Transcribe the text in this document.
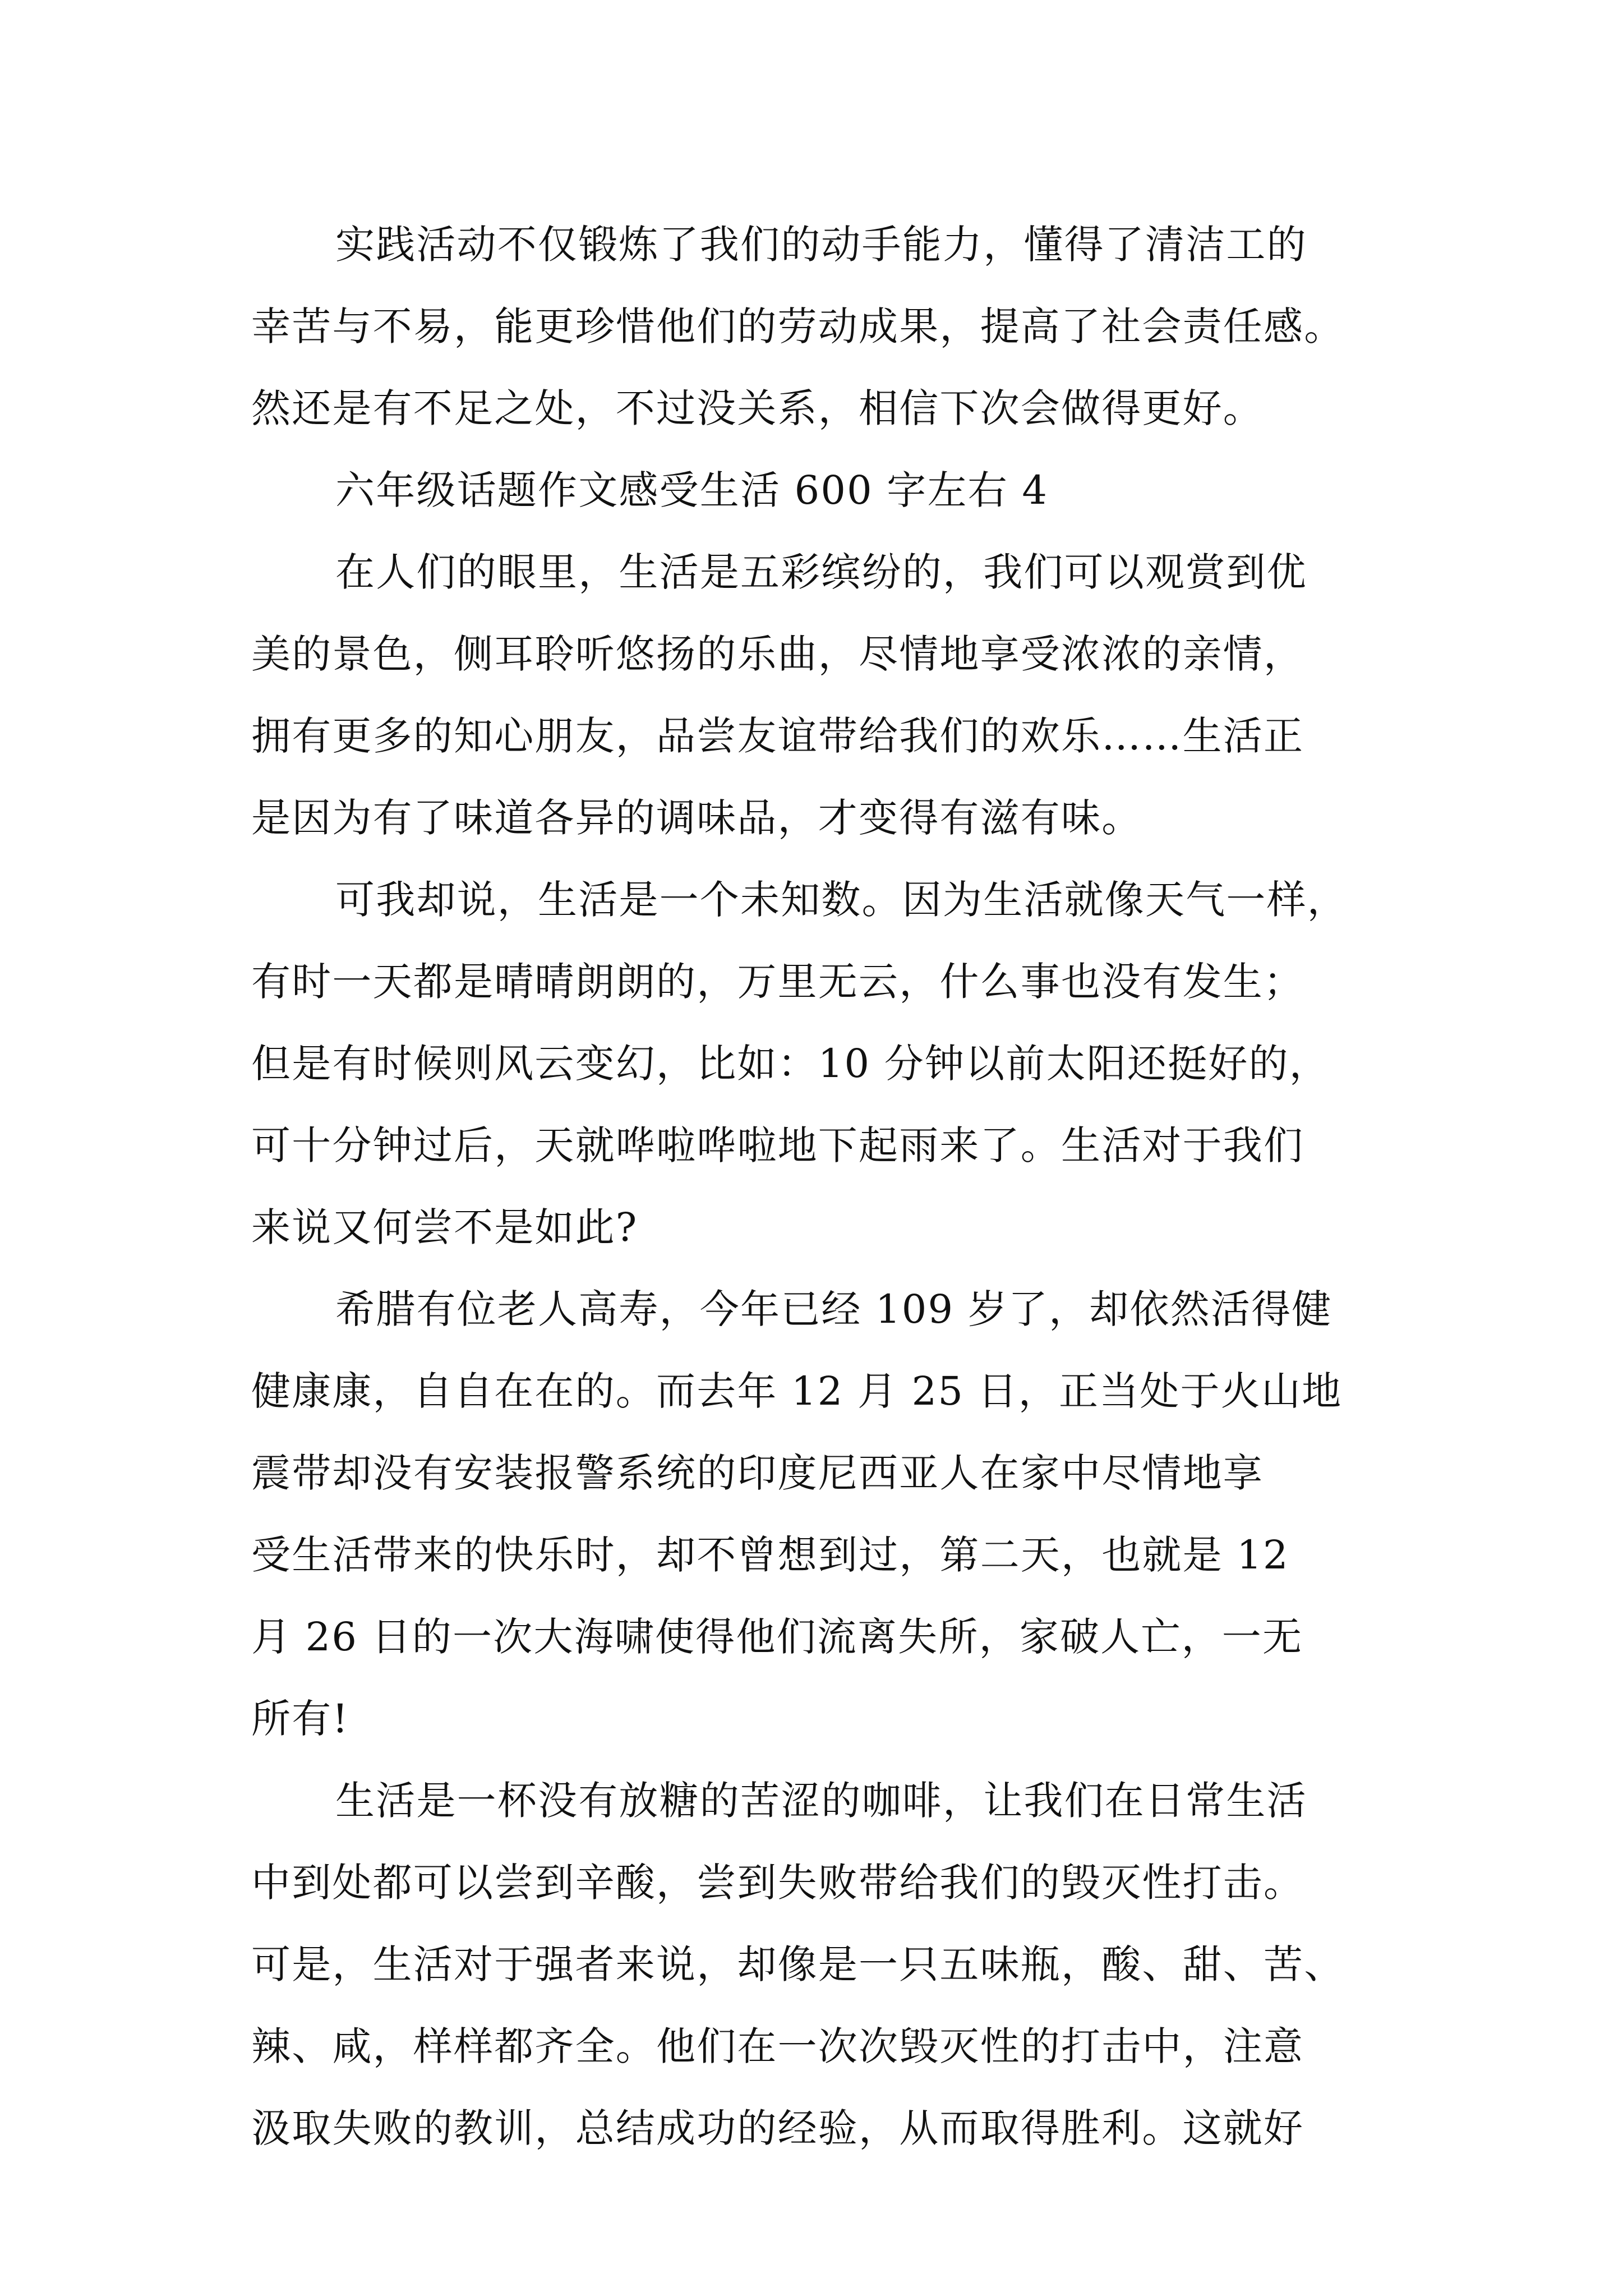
实践活动不仅锻炼了我们的动手能力，懂得了清洁工的
幸苦与不易，能更珍惜他们的劳动成果，提高了社会责任感。
然还是有不足之处，不过没关系，相信下次会做得更好。
六年级话题作文感受生活 600 字左右 4
在人们的眼里，生活是五彩缤纷的，我们可以观赏到优
美的景色，侧耳聆听悠扬的乐曲，尽情地享受浓浓的亲情，
拥有更多的知心朋友，品尝友谊带给我们的欢乐……生活正
是因为有了味道各异的调味品，才变得有滋有味。
可我却说，生活是一个未知数。因为生活就像天气一样，
有时一天都是晴晴朗朗的，万里无云，什么事也没有发生；
但是有时候则风云变幻，比如：10 分钟以前太阳还挺好的，
可十分钟过后，天就哗啦哗啦地下起雨来了。生活对于我们
来说又何尝不是如此?
希腊有位老人高寿，今年已经 109 岁了，却依然活得健
健康康，自自在在的。而去年 12 月 25 日，正当处于火山地
震带却没有安装报警系统的印度尼西亚人在家中尽情地享
受生活带来的快乐时，却不曾想到过，第二天，也就是 12
月 26 日的一次大海啸使得他们流离失所，家破人亡，一无
所有!
生活是一杯没有放糖的苦涩的咖啡，让我们在日常生活
中到处都可以尝到辛酸，尝到失败带给我们的毁灭性打击。
可是，生活对于强者来说，却像是一只五味瓶，酸、甜、苦、
辣、咸，样样都齐全。他们在一次次毁灭性的打击中，注意
汲取失败的教训，总结成功的经验，从而取得胜利。这就好
